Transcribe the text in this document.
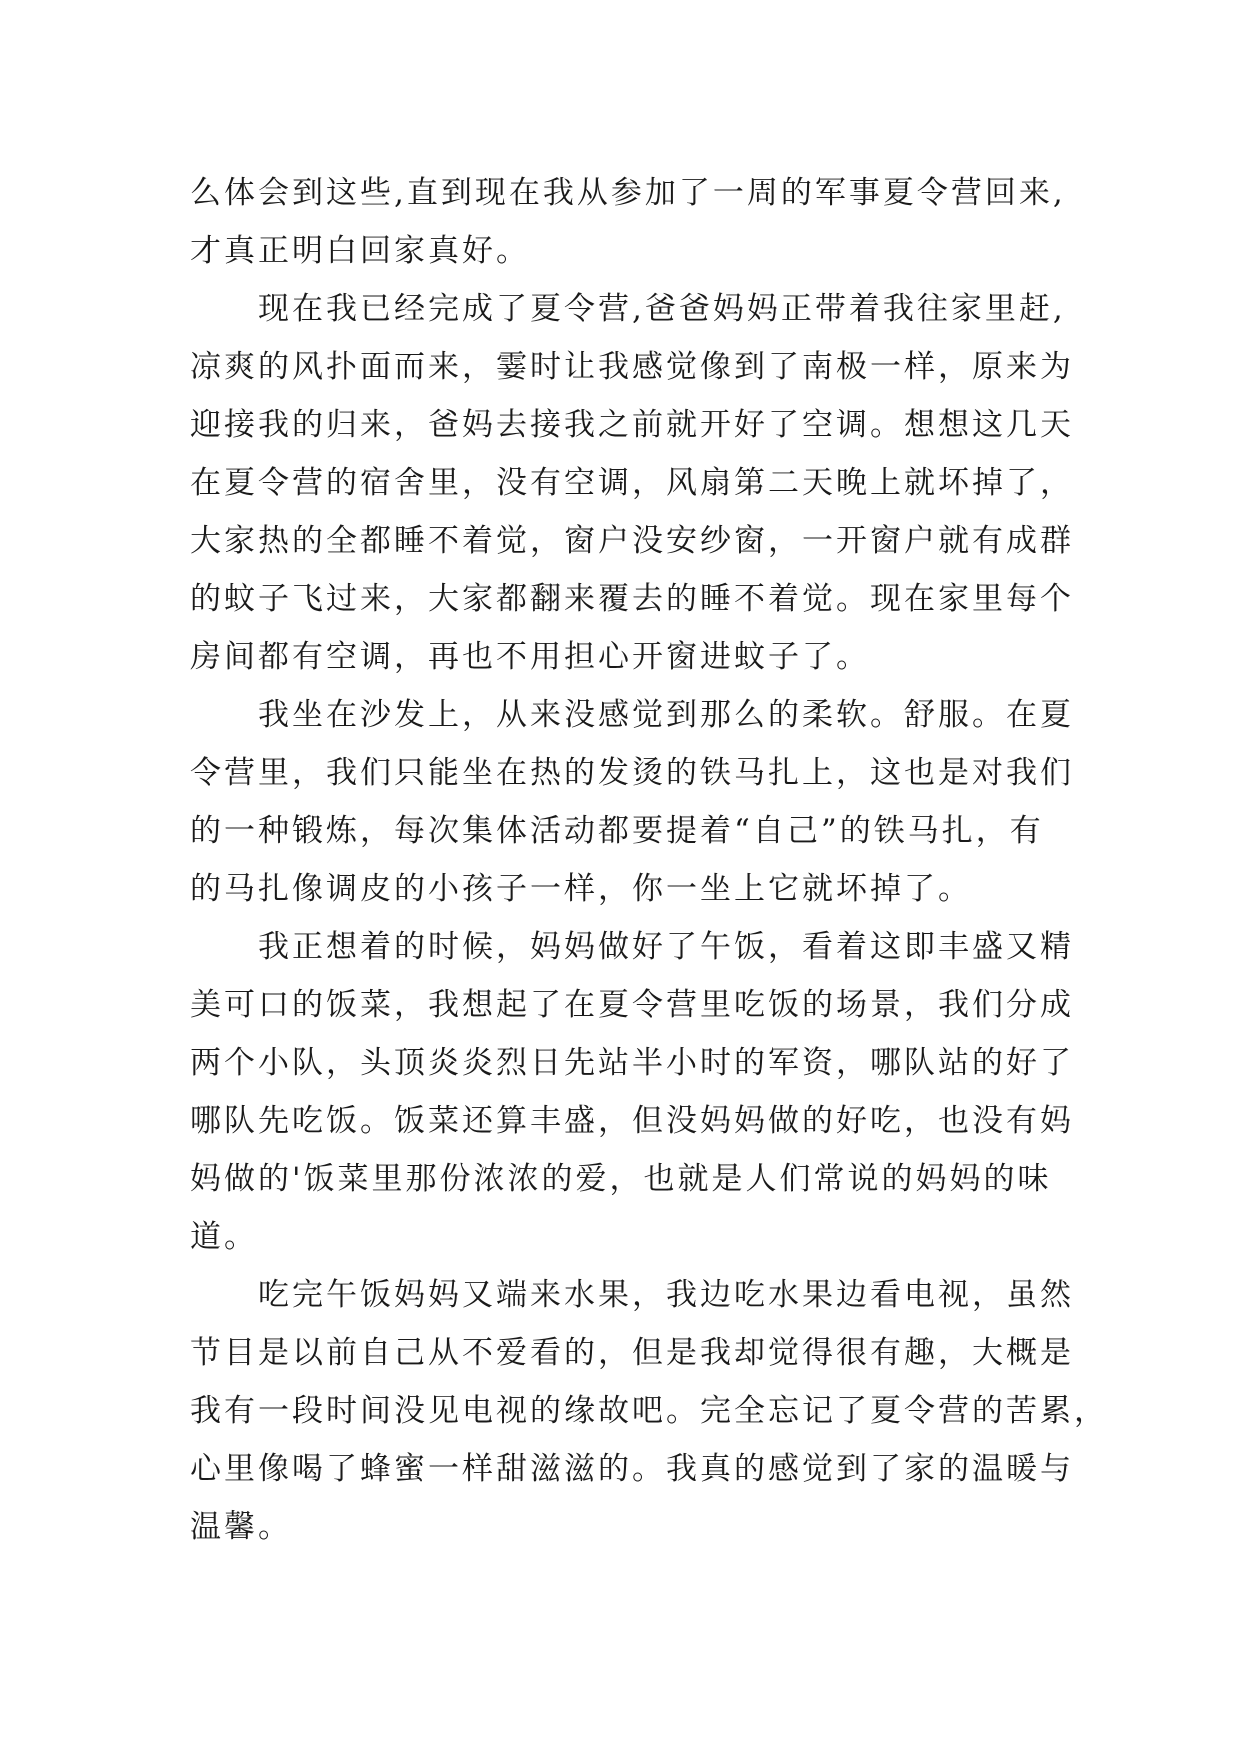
么体会到这些,直到现在我从参加了一周的军事夏令营回来,
才真正明白回家真好。
现在我已经完成了夏令营,爸爸妈妈正带着我往家里赶,
凉爽的风扑面而来，霎时让我感觉像到了南极一样，原来为
迎接我的归来，爸妈去接我之前就开好了空调。想想这几天
在夏令营的宿舍里，没有空调，风扇第二天晚上就坏掉了，
大家热的全都睡不着觉，窗户没安纱窗，一开窗户就有成群
的蚊子飞过来，大家都翻来覆去的睡不着觉。现在家里每个
房间都有空调，再也不用担心开窗进蚊子了。
我坐在沙发上，从来没感觉到那么的柔软。舒服。在夏
令营里，我们只能坐在热的发烫的铁马扎上，这也是对我们
的一种锻炼，每次集体活动都要提着“自己”的铁马扎，有
的马扎像调皮的小孩子一样，你一坐上它就坏掉了。
我正想着的时候，妈妈做好了午饭，看着这即丰盛又精
美可口的饭菜，我想起了在夏令营里吃饭的场景，我们分成
两个小队，头顶炎炎烈日先站半小时的军资，哪队站的好了
哪队先吃饭。饭菜还算丰盛，但没妈妈做的好吃，也没有妈
妈做的'饭菜里那份浓浓的爱，也就是人们常说的妈妈的味
道。
吃完午饭妈妈又端来水果，我边吃水果边看电视，虽然
节目是以前自己从不爱看的，但是我却觉得很有趣，大概是
我有一段时间没见电视的缘故吧。完全忘记了夏令营的苦累，
心里像喝了蜂蜜一样甜滋滋的。我真的感觉到了家的温暖与
温馨。
